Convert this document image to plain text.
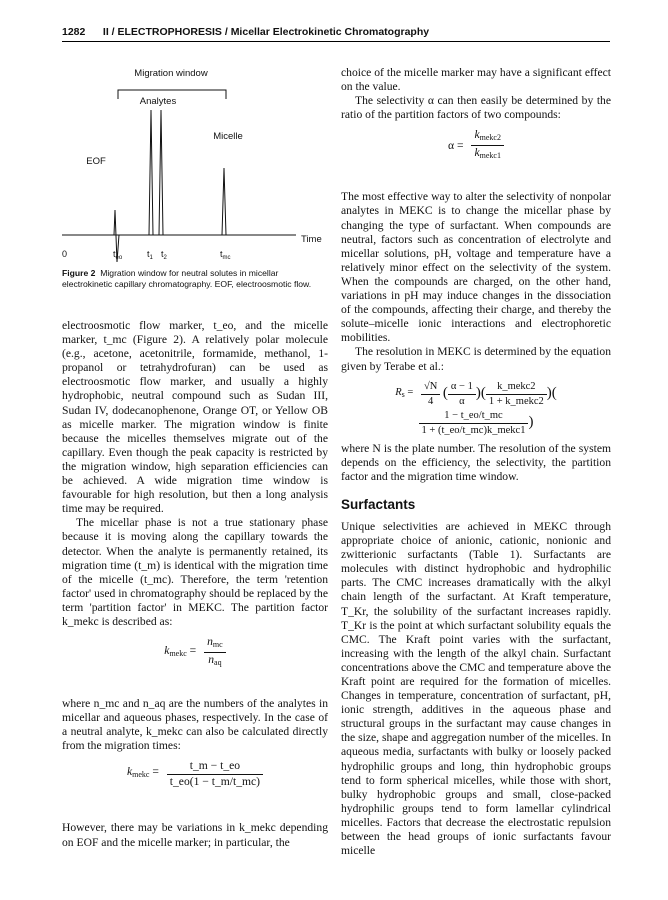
1282 II / ELECTROPHORESIS / Micellar Electrokinetic Chromatography
Migration window
Analytes
Micelle
EOF
Time
0	$t_{eo}$	$t_1$ $t_2$	$t_{mc}$
Figure 2 Migration window for neutral solutes in micellar electrokinetic capillary chromatography. EOF, electroosmotic flow.

electroosmotic flow marker, t_eo, and the micelle marker, t_mc (Figure 2). A relatively polar molecule (e.g., acetone, acetonitrile, formamide, methanol, 1-propanol or tetrahydrofuran) can be used as electroosmotic flow marker, and usually a highly hydrophobic, neutral compound such as Sudan III, Sudan IV, dodecanophenone, Orange OT, or Yellow OB as micelle marker. The migration window is finite because the micelles themselves migrate out of the capillary. Even though the peak capacity is restricted by the migration window, high separation efficiencies can be achieved. A wide migration time window is favourable for high resolution, but then a long analysis time may be required.

The micellar phase is not a true stationary phase because it is moving along the capillary towards the detector. When the analyte is permanently retained, its migration time (t_m) is identical with the migration time of the micelle (t_mc). Therefore, the term 'retention factor' used in chromatography should be replaced by the term 'partition factor' in MEKC. The partition factor k_mekc is described as:

$k_{mekc} = \frac{n_{mc}}{n_{aq}}$

where n_mc and n_aq are the numbers of the analytes in micellar and aqueous phases, respectively. In the case of a neutral analyte, k_mekc can also be calculated directly from the migration times:

$k_{mekc} = \frac{t\_m - t\_eo}{t\_eo(1 - t\_m/t\_mc)}$

However, there may be variations in k_mekc depending on EOF and the micelle marker; in particular, the

choice of the micelle marker may have a significant effect on the value.

The selectivity α can then easily be determined by the ratio of the partition factors of two compounds:

$\alpha = \frac{k_{mekc2}}{k_{mekc1}}$

The most effective way to alter the selectivity of nonpolar analytes in MEKC is to change the micellar phase by changing the type of surfactant. When compounds are neutral, factors such as concentration of electrolyte and micellar solutions, pH, voltage and temperature have a relatively minor effect on the selectivity of the system. When the compounds are charged, on the other hand, variations in pH may induce changes in the dissociation of the compounds, affecting their charge, and thereby the solute–micelle ionic interactions and electrophoretic mobilities.

The resolution in MEKC is determined by the equation given by Terabe et al.:

$R_s = \frac{√N}{4}$ ( $\frac{\alpha - 1}{\alpha}$ )( $\frac{\text{k\_mekc2}}{\text{1 + k\_mekc2}}$ )(
$\frac{1 - t\_eo/t\_mc}{\text{1 + (t\_eo/t\_mc)k\_mekc1}}$ )

where N is the plate number. The resolution of the system depends on the efficiency, the selectivity, the partition factor and the migration time window.

Surfactants

Unique selectivities are achieved in MEKC through appropriate choice of anionic, cationic, nonionic and zwitterionic surfactants (Table 1). Surfactants are molecules with distinct hydrophobic and hydrophilic parts. The CMC increases dramatically with the alkyl chain length of the surfactant. At Kraft temperature, T_Kr, the solubility of the surfactant increases rapidly. T_Kr is the point at which surfactant solubility equals the CMC. The Kraft point varies with the surfactant, increasing with the length of the alkyl chain. Surfactant concentrations above the CMC and temperature above the Kraft point are required for the formation of micelles. Changes in temperature, concentration of surfactant, pH, ionic strength, additives in the aqueous phase and structural groups in the surfactant may cause changes in the size, shape and aggregation number of the micelles. In aqueous media, surfactants with bulky or loosely packed hydrophilic groups and long, thin hydrophobic groups tend to form spherical micelles, while those with short, bulky hydrophobic groups and small, close-packed hydrophilic groups tend to form lamellar cylindrical micelles. Factors that decrease the electrostatic repulsion between the head groups of ionic surfactants favour micelle
